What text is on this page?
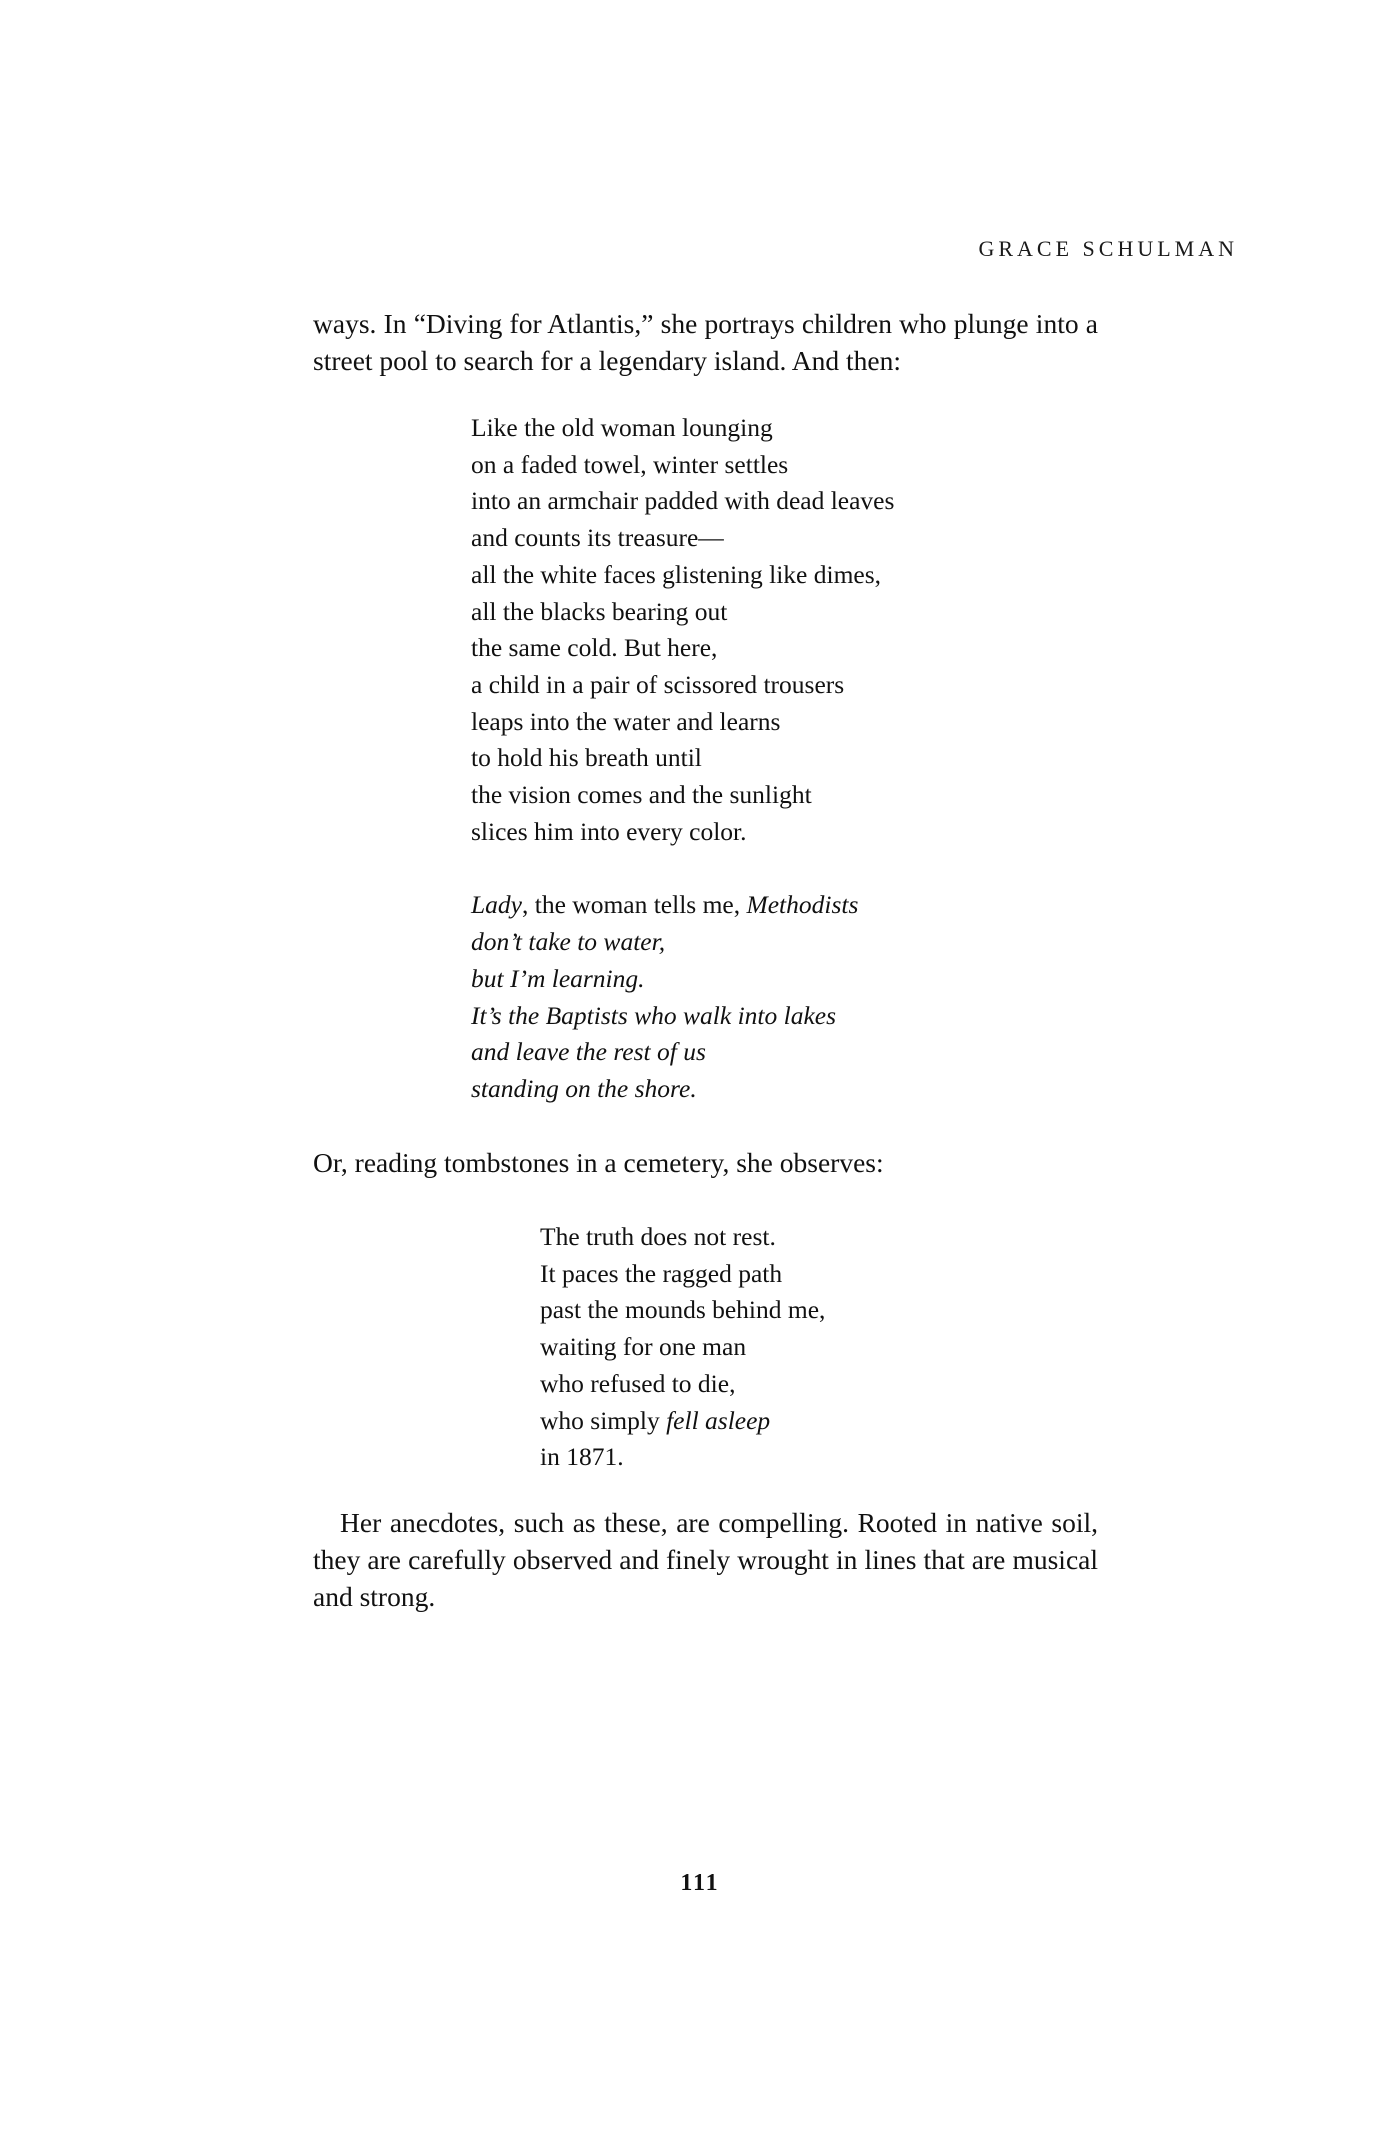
GRACE SCHULMAN

ways. In “Diving for Atlantis,” she portrays children who plunge into a street pool to search for a legendary island. And then:

Like the old woman lounging
on a faded towel, winter settles
into an armchair padded with dead leaves
and counts its treasure—
all the white faces glistening like dimes,
all the blacks bearing out
the same cold. But here,
a child in a pair of scissored trousers
leaps into the water and learns
to hold his breath until
the vision comes and the sunlight
slices him into every color.
Lady, the woman tells me, Methodists
don’t take to water,
but I’m learning.
It’s the Baptists who walk into lakes
and leave the rest of us
standing on the shore.

Or, reading tombstones in a cemetery, she observes:

The truth does not rest.
It paces the ragged path
past the mounds behind me,
waiting for one man
who refused to die,
who simply fell asleep
in 1871.

Her anecdotes, such as these, are compelling. Rooted in native soil, they are carefully observed and finely wrought in lines that are musical and strong.

111
